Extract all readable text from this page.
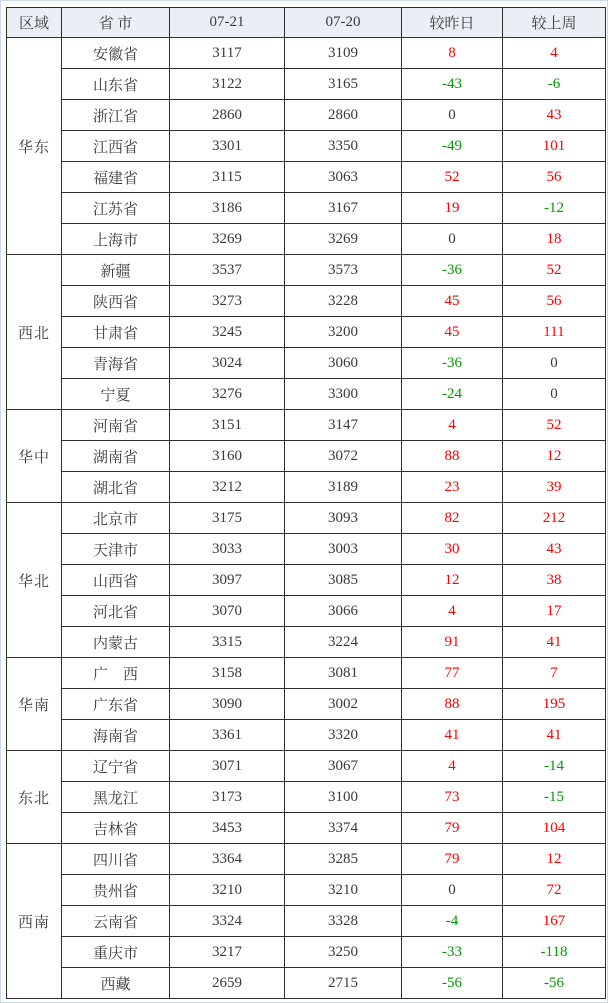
区域	省 市	07-21	07-20	较昨日	较上周
华东	安徽省	3117	3109	8	4
	山东省	3122	3165	-43	-6
	浙江省	2860	2860	0	43
	江西省	3301	3350	-49	101
	福建省	3115	3063	52	56
	江苏省	3186	3167	19	-12
	上海市	3269	3269	0	18
西北	新疆	3537	3573	-36	52
	陕西省	3273	3228	45	56
	甘肃省	3245	3200	45	111
	青海省	3024	3060	-36	0
	宁夏	3276	3300	-24	0
华中	河南省	3151	3147	4	52
	湖南省	3160	3072	88	12
	湖北省	3212	3189	23	39
华北	北京市	3175	3093	82	212
	天津市	3033	3003	30	43
	山西省	3097	3085	12	38
	河北省	3070	3066	4	17
	内蒙古	3315	3224	91	41
华南	广　西	3158	3081	77	7
	广东省	3090	3002	88	195
	海南省	3361	3320	41	41
东北	辽宁省	3071	3067	4	-14
	黑龙江	3173	3100	73	-15
	吉林省	3453	3374	79	104
西南	四川省	3364	3285	79	12
	贵州省	3210	3210	0	72
	云南省	3324	3328	-4	167
	重庆市	3217	3250	-33	-118
	西藏	2659	2715	-56	-56
